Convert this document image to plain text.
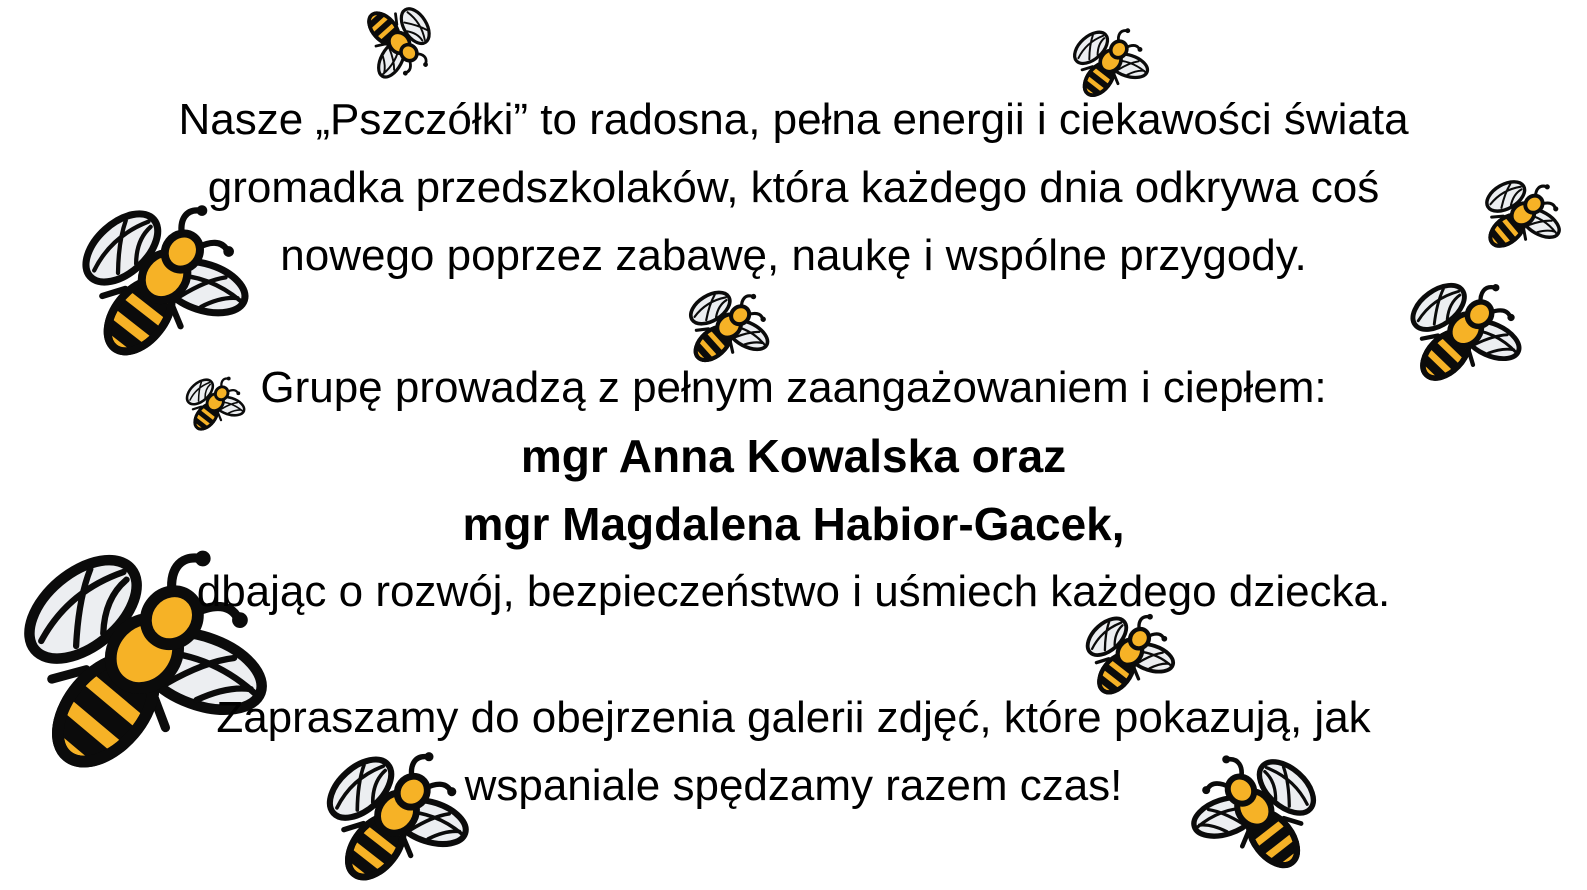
Nasze „Pszczółki” to radosna, pełna energii i ciekawości świata
gromadka przedszkolaków, która każdego dnia odkrywa coś
nowego poprzez zabawę, naukę i wspólne przygody.
Grupę prowadzą z pełnym zaangażowaniem i ciepłem:
mgr Anna Kowalska oraz
mgr Magdalena Habior-Gacek,
dbając o rozwój, bezpieczeństwo i uśmiech każdego dziecka.
Zapraszamy do obejrzenia galerii zdjęć, które pokazują, jak
wspaniale spędzamy razem czas!
